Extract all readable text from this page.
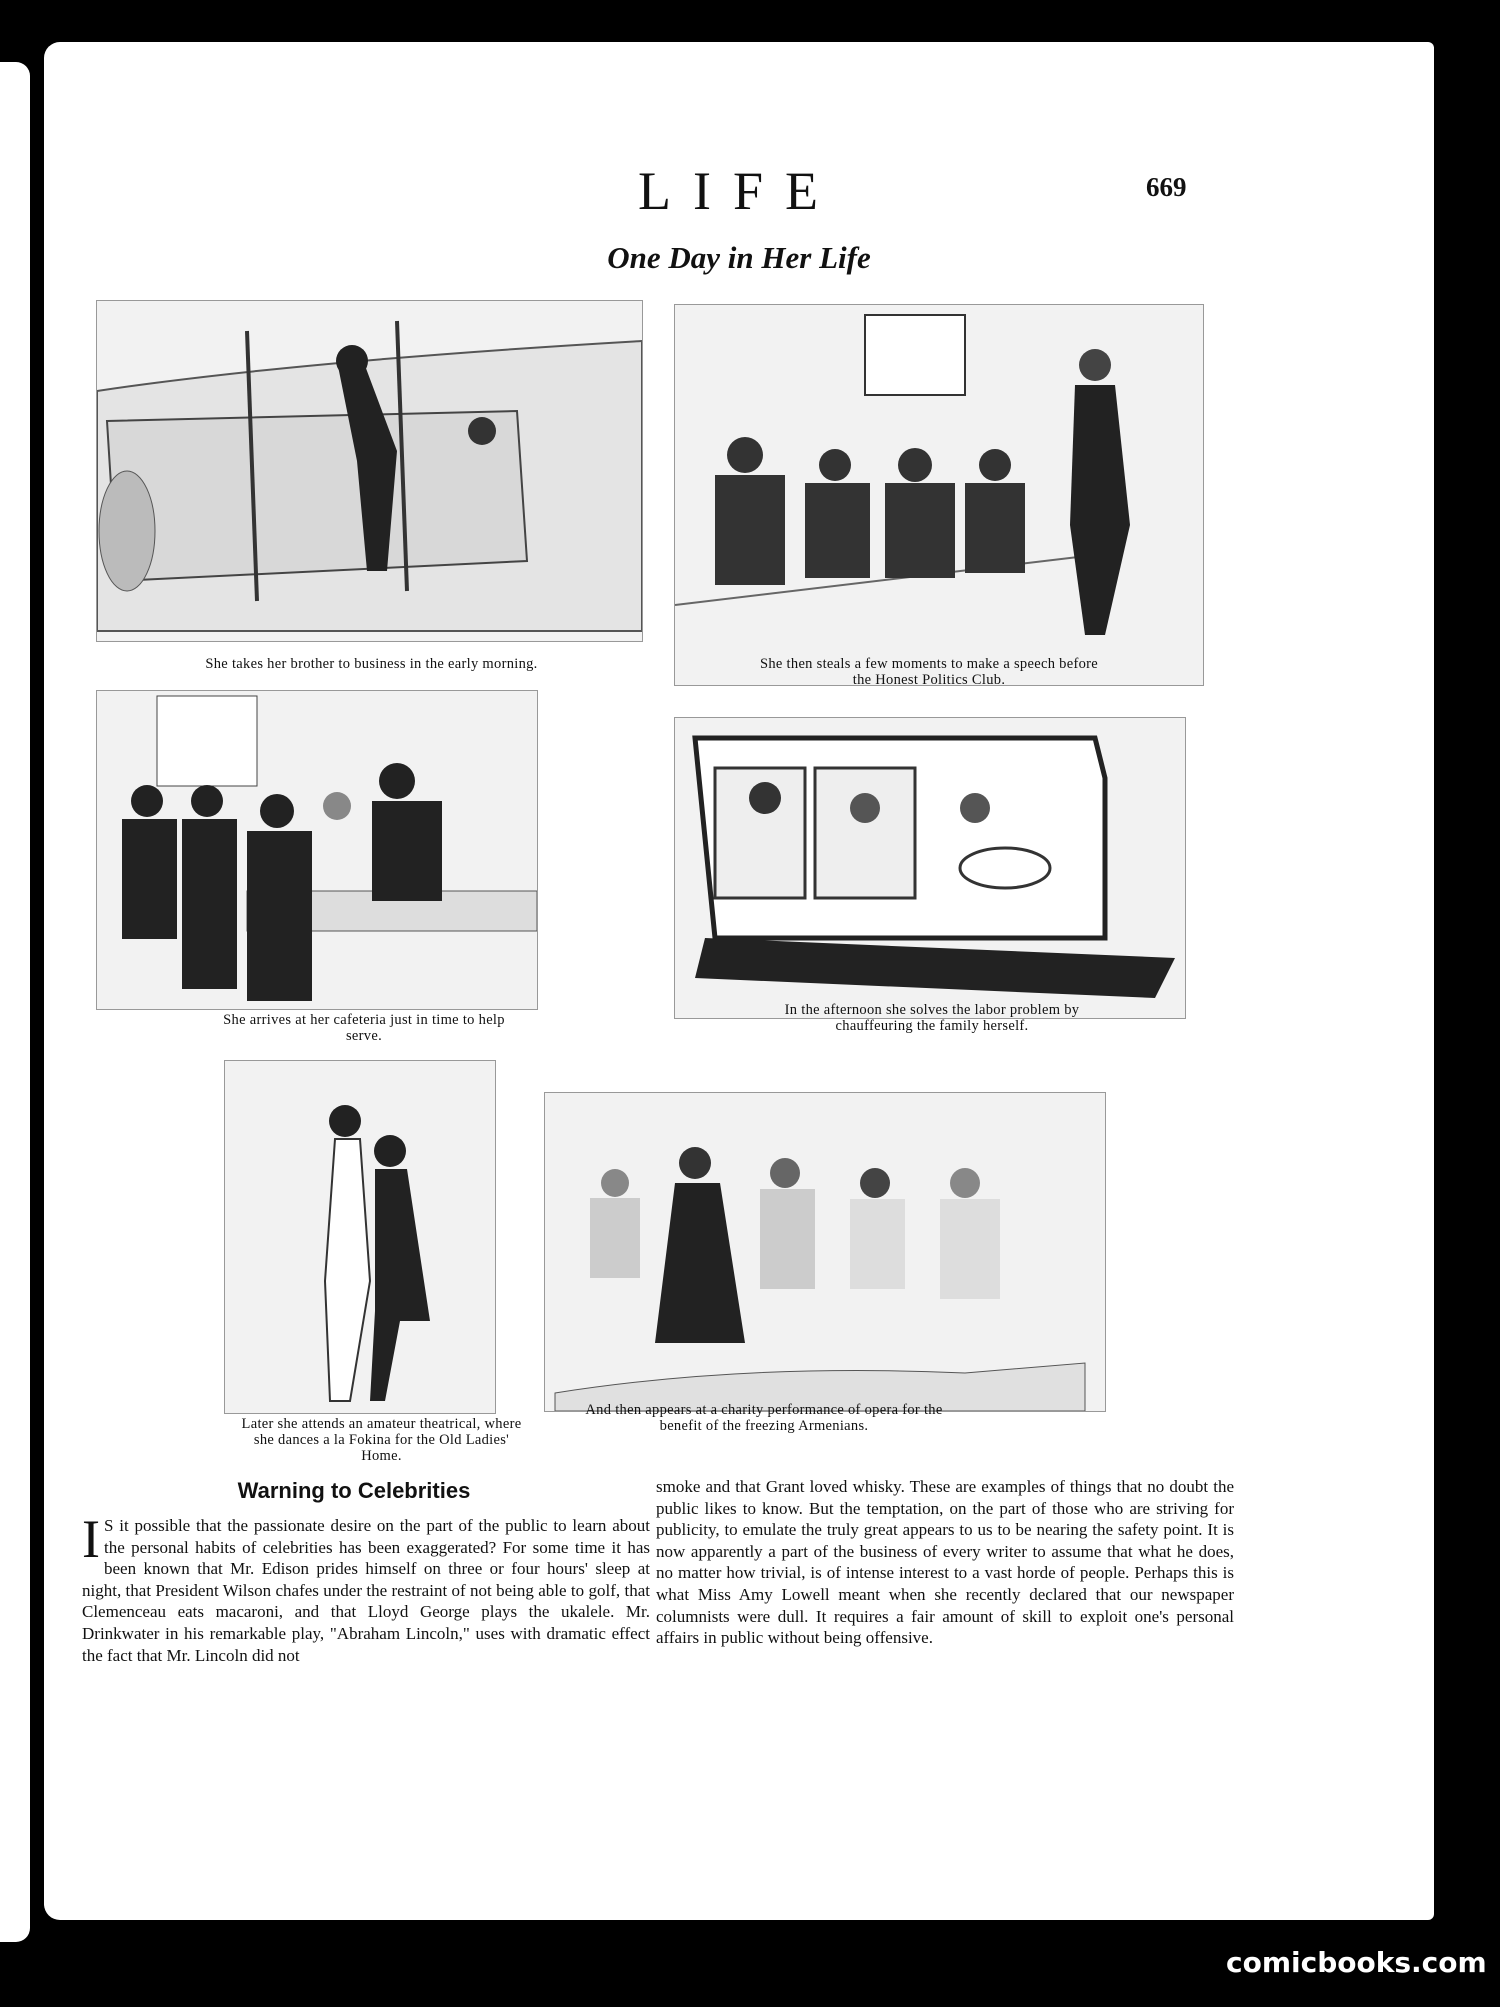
LIFE	669
One Day in Her Life
She takes her brother to business in the early morning.	She then steals a few moments to make a speech before the Honest Politics Club.
She arrives at her cafeteria just in time to help serve.
In the afternoon she solves the labor problem by chauffeuring the family herself.
Later she attends an amateur theatrical, where she dances a la Fokina for the Old Ladies' Home.
And then appears at a charity performance of opera for the benefit of the freezing Armenians.
Warning to Celebrities

I S it possible that the passionate desire on the part of the public to learn about the personal habits of celebrities has been exaggerated? For some time it has been known that Mr. Edison prides himself on three or four hours' sleep at night, that President Wilson chafes under the restraint of not being able to golf, that Clemenceau eats macaroni, and that Lloyd George plays the ukalele. Mr. Drinkwater in his remarkable play, "Abraham Lincoln," uses with dramatic effect the fact that Mr. Lincoln did not

smoke and that Grant loved whisky. These are examples of things that no doubt the public likes to know. But the temptation, on the part of those who are striving for publicity, to emulate the truly great appears to us to be nearing the safety point. It is now apparently a part of the business of every writer to assume that what he does, no matter how trivial, is of intense interest to a vast horde of people. Perhaps this is what Miss Amy Lowell meant when she recently declared that our newspaper columnists were dull. It requires a fair amount of skill to exploit one's personal affairs in public without being offensive.

comicbooks.com
